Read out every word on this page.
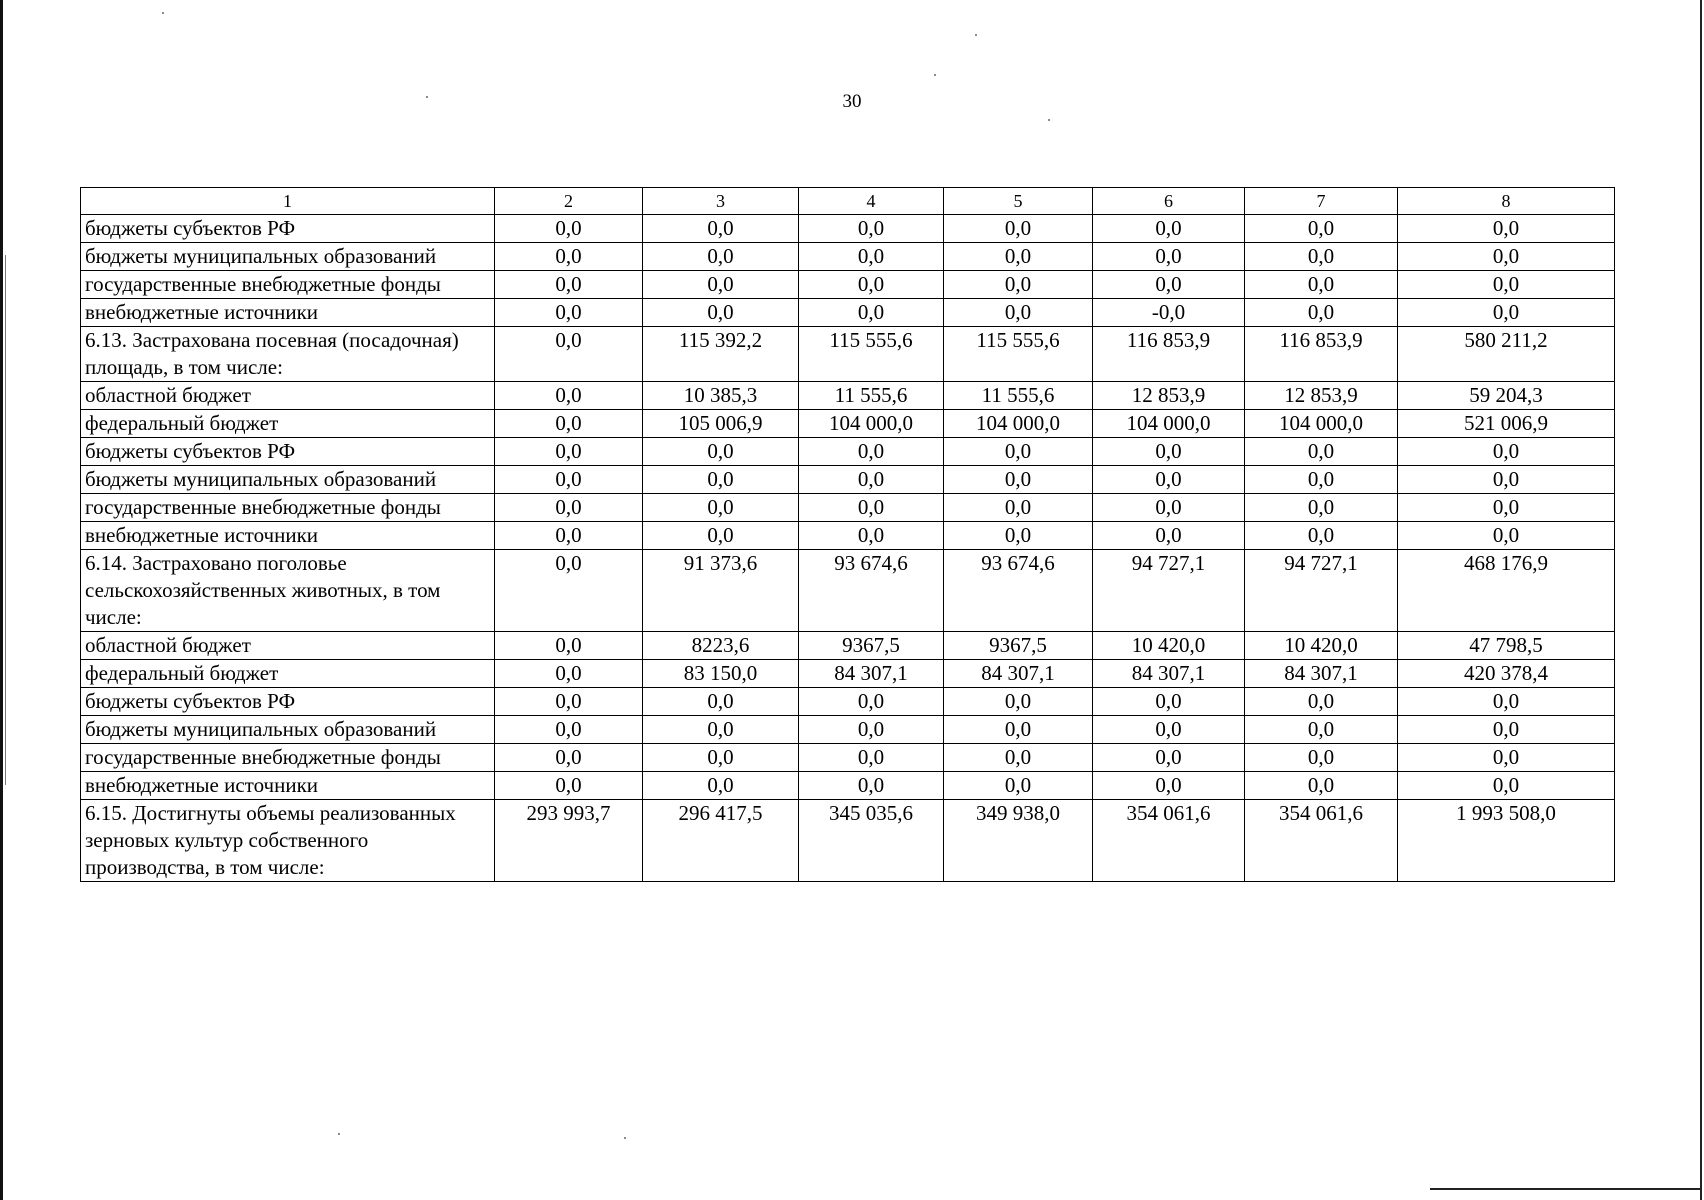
30
1	2	3	4	5	6	7	8
бюджеты субъектов РФ	0,0	0,0	0,0	0,0	0,0	0,0	0,0
бюджеты муниципальных образований	0,0	0,0	0,0	0,0	0,0	0,0	0,0
государственные внебюджетные фонды	0,0	0,0	0,0	0,0	0,0	0,0	0,0
внебюджетные источники	0,0	0,0	0,0	0,0	-0,0	0,0	0,0
6.13. Застрахована посевная (посадочная) площадь, в том числе:	0,0	115 392,2	115 555,6	115 555,6	116 853,9	116 853,9	580 211,2
областной бюджет	0,0	10 385,3	11 555,6	11 555,6	12 853,9	12 853,9	59 204,3
федеральный бюджет	0,0	105 006,9	104 000,0	104 000,0	104 000,0	104 000,0	521 006,9
бюджеты субъектов РФ	0,0	0,0	0,0	0,0	0,0	0,0	0,0
бюджеты муниципальных образований	0,0	0,0	0,0	0,0	0,0	0,0	0,0
государственные внебюджетные фонды	0,0	0,0	0,0	0,0	0,0	0,0	0,0
внебюджетные источники	0,0	0,0	0,0	0,0	0,0	0,0	0,0
6.14. Застраховано поголовье сельскохозяйственных животных, в том числе:	0,0	91 373,6	93 674,6	93 674,6	94 727,1	94 727,1	468 176,9
областной бюджет	0,0	8223,6	9367,5	9367,5	10 420,0	10 420,0	47 798,5
федеральный бюджет	0,0	83 150,0	84 307,1	84 307,1	84 307,1	84 307,1	420 378,4
бюджеты субъектов РФ	0,0	0,0	0,0	0,0	0,0	0,0	0,0
бюджеты муниципальных образований	0,0	0,0	0,0	0,0	0,0	0,0	0,0
государственные внебюджетные фонды	0,0	0,0	0,0	0,0	0,0	0,0	0,0
внебюджетные источники	0,0	0,0	0,0	0,0	0,0	0,0	0,0
6.15. Достигнуты объемы реализованных зерновых культур собственного производства, в том числе:	293 993,7	296 417,5	345 035,6	349 938,0	354 061,6	354 061,6	1 993 508,0
